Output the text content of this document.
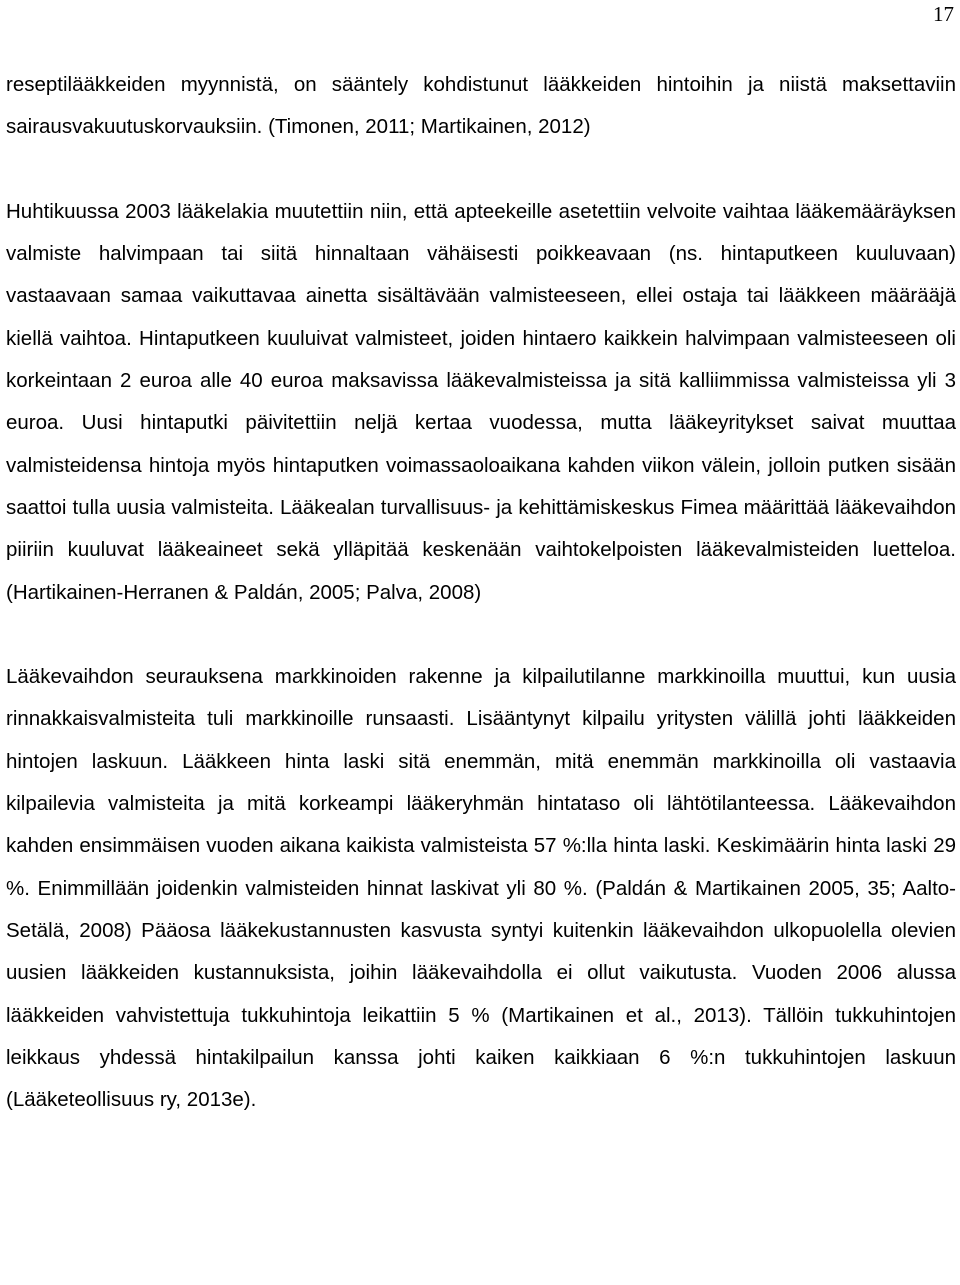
17

reseptilääkkeiden myynnistä, on sääntely kohdistunut lääkkeiden hintoihin ja niistä maksettaviin sairausvakuutuskorvauksiin. (Timonen, 2011; Martikainen, 2012)

Huhtikuussa 2003 lääkelakia muutettiin niin, että apteekeille asetettiin velvoite vaihtaa lääkemääräyksen valmiste halvimpaan tai siitä hinnaltaan vähäisesti poikkeavaan (ns. hintaputkeen kuuluvaan) vastaavaan samaa vaikuttavaa ainetta sisältävään valmisteeseen, ellei ostaja tai lääkkeen määrääjä kiellä vaihtoa. Hintaputkeen kuuluivat valmisteet, joiden hintaero kaikkein halvimpaan valmisteeseen oli korkeintaan 2 euroa alle 40 euroa maksavissa lääkevalmisteissa ja sitä kalliimmissa valmisteissa yli 3 euroa. Uusi hintaputki päivitettiin neljä kertaa vuodessa, mutta lääkeyritykset saivat muuttaa valmisteidensa hintoja myös hintaputken voimassaoloaikana kahden viikon välein, jolloin putken sisään saattoi tulla uusia valmisteita. Lääkealan turvallisuus- ja kehittämiskeskus Fimea määrittää lääkevaihdon piiriin kuuluvat lääkeaineet sekä ylläpitää keskenään vaihtokelpoisten lääkevalmisteiden luetteloa. (Hartikainen-Herranen & Paldán, 2005; Palva, 2008)

Lääkevaihdon seurauksena markkinoiden rakenne ja kilpailutilanne markkinoilla muuttui, kun uusia rinnakkaisvalmisteita tuli markkinoille runsaasti. Lisääntynyt kilpailu yritysten välillä johti lääkkeiden hintojen laskuun. Lääkkeen hinta laski sitä enemmän, mitä enemmän markkinoilla oli vastaavia kilpailevia valmisteita ja mitä korkeampi lääkeryhmän hintataso oli lähtötilanteessa. Lääkevaihdon kahden ensimmäisen vuoden aikana kaikista valmisteista 57 %:lla hinta laski. Keskimäärin hinta laski 29 %. Enimmillään joidenkin valmisteiden hinnat laskivat yli 80 %. (Paldán & Martikainen 2005, 35; Aalto-Setälä, 2008) Pääosa lääkekustannusten kasvusta syntyi kuitenkin lääkevaihdon ulkopuolella olevien uusien lääkkeiden kustannuksista, joihin lääkevaihdolla ei ollut vaikutusta. Vuoden 2006 alussa lääkkeiden vahvistettuja tukkuhintoja leikattiin 5 % (Martikainen et al., 2013). Tällöin tukkuhintojen leikkaus yhdessä hintakilpailun kanssa johti kaiken kaikkiaan 6 %:n tukkuhintojen laskuun (Lääketeollisuus ry, 2013e).
